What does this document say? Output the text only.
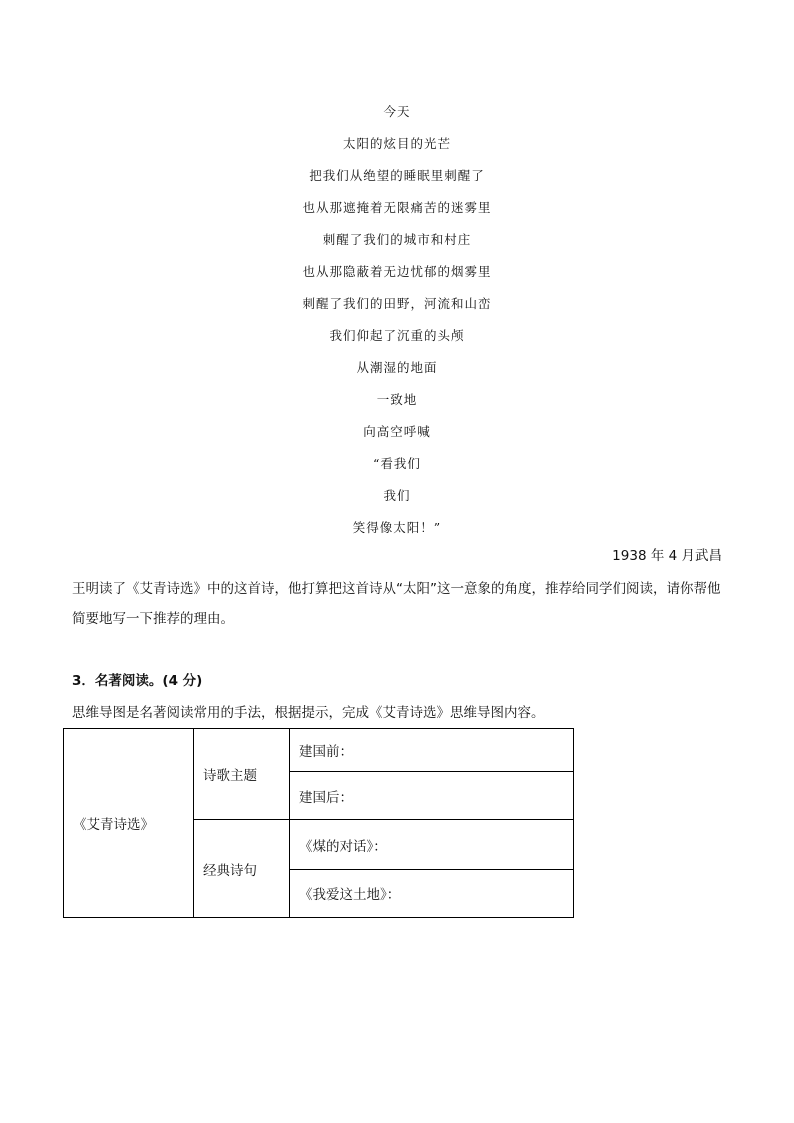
今天
太阳的炫目的光芒
把我们从绝望的睡眠里刺醒了
也从那遮掩着无限痛苦的迷雾里
刺醒了我们的城市和村庄
也从那隐蔽着无边忧郁的烟雾里
刺醒了我们的田野，河流和山峦
我们仰起了沉重的头颅
从潮湿的地面
一致地
向高空呼喊
“看我们
我们
笑得像太阳！”
1938 年 4 月武昌
王明读了《艾青诗选》中的这首诗，他打算把这首诗从“太阳”这一意象的角度，推荐给同学们阅读，请你帮他简要地写一下推荐的理由。
3．名著阅读。(4 分)
思维导图是名著阅读常用的手法，根据提示，完成《艾青诗选》思维导图内容。
《艾青诗选》	诗歌主题	建国前：
		建国后：
	经典诗句	《煤的对话》：
		《我爱这土地》：
